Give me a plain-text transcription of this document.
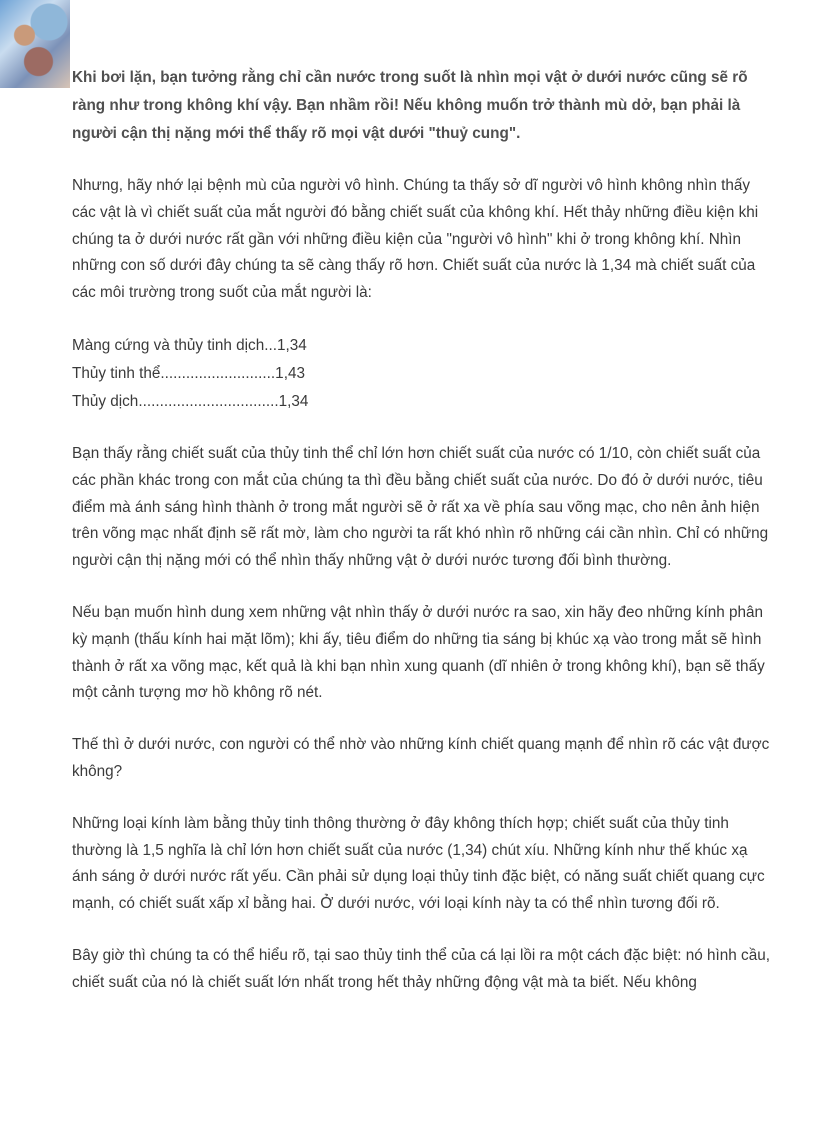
Khi bơi lặn, bạn tưởng rằng chỉ cần nước trong suốt là nhìn mọi vật ở dưới nước cũng sẽ rõ ràng như trong không khí vậy. Bạn nhầm rồi! Nếu không muốn trở thành mù dở, bạn phải là người cận thị nặng mới thể thấy rõ mọi vật dưới "thuỷ cung".

Nhưng, hãy nhớ lại bệnh mù của người vô hình. Chúng ta thấy sở dĩ người vô hình không nhìn thấy các vật là vì chiết suất của mắt người đó bằng chiết suất của không khí. Hết thảy những điều kiện khi chúng ta ở dưới nước rất gần với những điều kiện của "người vô hình" khi ở trong không khí. Nhìn những con số dưới đây chúng ta sẽ càng thấy rõ hơn. Chiết suất của nước là 1,34 mà chiết suất của các môi trường trong suốt của mắt người là:

Màng cứng và thủy tinh dịch...1,34
Thủy tinh thể...........................1,43
Thủy dịch.................................1,34

Bạn thấy rằng chiết suất của thủy tinh thể chỉ lớn hơn chiết suất của nước có 1/10, còn chiết suất của các phần khác trong con mắt của chúng ta thì đều bằng chiết suất của nước. Do đó ở dưới nước, tiêu điểm mà ánh sáng hình thành ở trong mắt người sẽ ở rất xa về phía sau võng mạc, cho nên ảnh hiện trên võng mạc nhất định sẽ rất mờ, làm cho người ta rất khó nhìn rõ những cái cần nhìn. Chỉ có những người cận thị nặng mới có thể nhìn thấy những vật ở dưới nước tương đối bình thường.

Nếu bạn muốn hình dung xem những vật nhìn thấy ở dưới nước ra sao, xin hãy đeo những kính phân kỳ mạnh (thấu kính hai mặt lõm); khi ấy, tiêu điểm do những tia sáng bị khúc xạ vào trong mắt sẽ hình thành ở rất xa võng mạc, kết quả là khi bạn nhìn xung quanh (dĩ nhiên ở trong không khí), bạn sẽ thấy một cảnh tượng mơ hồ không rõ nét.

Thế thì ở dưới nước, con người có thể nhờ vào những kính chiết quang mạnh để nhìn rõ các vật được không?

Những loại kính làm bằng thủy tinh thông thường ở đây không thích hợp; chiết suất của thủy tinh thường là 1,5 nghĩa là chỉ lớn hơn chiết suất của nước (1,34) chút xíu. Những kính như thế khúc xạ ánh sáng ở dưới nước rất yếu. Cần phải sử dụng loại thủy tinh đặc biệt, có năng suất chiết quang cực mạnh, có chiết suất xấp xỉ bằng hai. Ở dưới nước, với loại kính này ta có thể nhìn tương đối rõ.

Bây giờ thì chúng ta có thể hiểu rõ, tại sao thủy tinh thể của cá lại lồi ra một cách đặc biệt: nó hình cầu, chiết suất của nó là chiết suất lớn nhất trong hết thảy những động vật mà ta biết. Nếu không
